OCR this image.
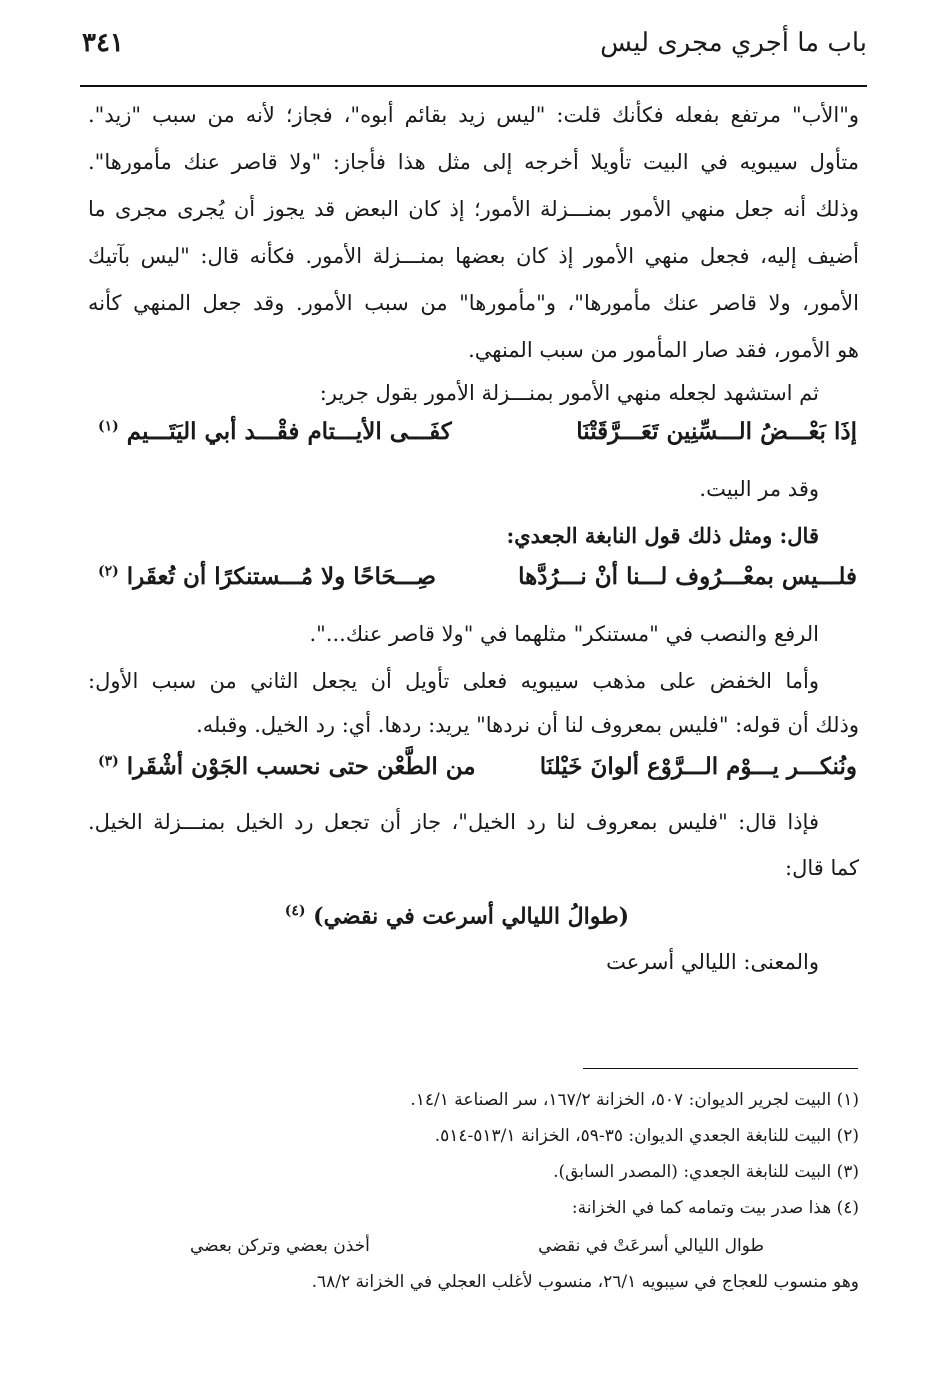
باب ما أجري مجرى ليس
٣٤١
و"الأب" مرتفع بفعله فكأنك قلت: "ليس زيد بقائم أبوه"، فجاز؛ لأنه من سبب "زيد".
متأول سيبويه في البيت تأويلا أخرجه إلى مثل هذا فأجاز: "ولا قاصر عنك مأمورها".
وذلك أنه جعل منهي الأمور بمنـــزلة الأمور؛ إذ كان البعض قد يجوز أن يُجرى مجرى ما
أضيف إليه، فجعل منهي الأمور إذ كان بعضها بمنـــزلة الأمور. فكأنه قال: "ليس بآتيك
الأمور، ولا قاصر عنك مأمورها"، و"مأمورها" من سبب الأمور. وقد جعل المنهي كأنه
هو الأمور، فقد صار المأمور من سبب المنهي.
ثم استشهد لجعله منهي الأمور بمنـــزلة الأمور بقول جرير:
إذَا بَعْـــضُ الـــسِّنِين تَعَـــرَّقَتْنَا
كفَـــى الأيـــتام فقْـــد أبي اليَتَـــيم $^{(١)}$
وقد مر البيت.
قال: ومثل ذلك قول النابغة الجعدي:
فلـــيس بمعْـــرُوف لـــنا أنْ نـــرُدَّها
صِـــحَاحًا ولا مُـــستنكرًا أن تُعقَرا $^{(٢)}$
الرفع والنصب في "مستنكر" مثلهما في "ولا قاصر عنك...".
وأما الخفض على مذهب سيبويه فعلى تأويل أن يجعل الثاني من سبب الأول:
وذلك أن قوله: "فليس بمعروف لنا أن نردها" يريد: ردها. أي: رد الخيل. وقبله.
ونُنكـــر يـــوْم الـــرَّوْع ألوانَ خَيْلنَا
من الطَّعْن حتى نحسب الجَوْن أشْقَرا $^{(٣)}$
فإذا قال: "فليس بمعروف لنا رد الخيل"، جاز أن تجعل رد الخيل بمنـــزلة الخيل.
كما قال:
(طوالُ الليالي أسرعت في نقضي) $^{(٤)}$
والمعنى: الليالي أسرعت
(١) البيت لجرير الديوان: ٥٠٧، الخزانة ١٦٧/٢، سر الصناعة ١٤/١.
(٢) البيت للنابغة الجعدي الديوان: ٣٥-٥٩، الخزانة ٥١٣/١-٥١٤.
(٣) البيت للنابغة الجعدي: (المصدر السابق).
(٤) هذا صدر بيت وتمامه كما في الخزانة:
طوال الليالي أسرعَتْ في نقضي
أخذن بعضي وتركن بعضي
وهو منسوب للعجاج في سيبويه ٢٦/١، منسوب لأغلب العجلي في الخزانة ٦٨/٢.
